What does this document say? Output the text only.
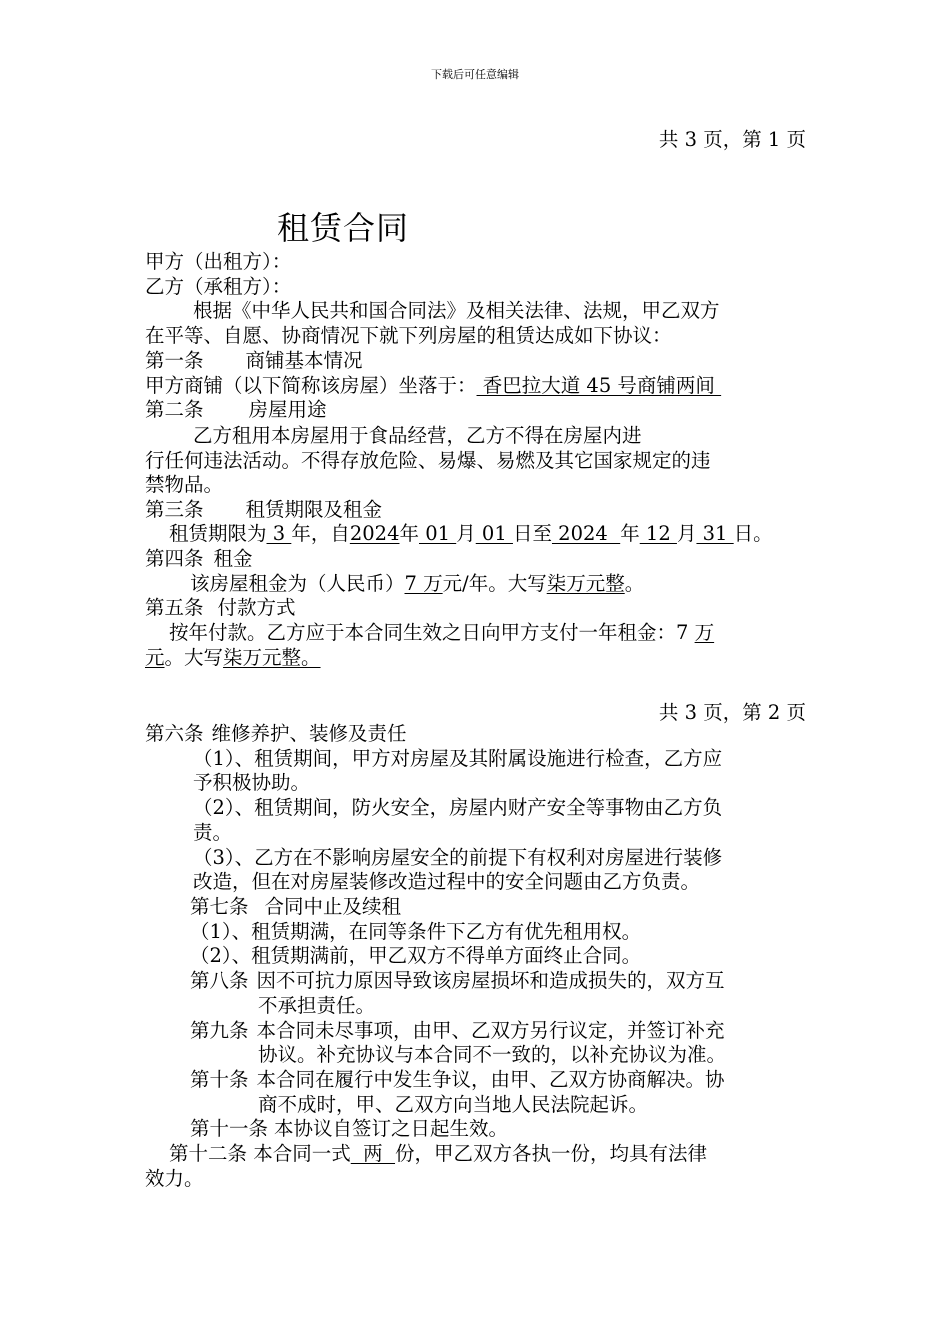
下载后可任意编辑
共 3 页，第 1 页
租赁合同
甲方（出租方）：
乙方（承租方）：
根据《中华人民共和国合同法》及相关法律、法规，甲乙双方
在平等、自愿、协商情况下就下列房屋的租赁达成如下协议：
第一条 商铺基本情况
甲方商铺（以下简称该房屋）坐落于： 香巴拉大道 45 号商铺两间
第二条 房屋用途
乙方租用本房屋用于食品经营，乙方不得在房屋内进
行任何违法活动。不得存放危险、易爆、易燃及其它国家规定的违
禁物品。
第三条 租赁期限及租金
租赁期限为 3 年，自2024年 01 月 01 日至 2024  年 12 月 31 日。
第四条 租金
该房屋租金为（人民币）7 万元/年。大写柒万元整。
第五条 付款方式
按年付款。乙方应于本合同生效之日向甲方支付一年租金：7 万
元。大写柒万元整。
共 3 页，第 2 页
第六条 维修养护、装修及责任
（1）、租赁期间，甲方对房屋及其附属设施进行检查，乙方应
予积极协助。
（2）、租赁期间，防火安全，房屋内财产安全等事物由乙方负
责。
（3）、乙方在不影响房屋安全的前提下有权利对房屋进行装修
改造，但在对房屋装修改造过程中的安全问题由乙方负责。
第七条 合同中止及续租
（1）、租赁期满，在同等条件下乙方有优先租用权。
（2）、租赁期满前，甲乙双方不得单方面终止合同。
第八条 因不可抗力原因导致该房屋损坏和造成损失的，双方互
不承担责任。
第九条 本合同未尽事项，由甲、乙双方另行议定，并签订补充
协议。补充协议与本合同不一致的，以补充协议为准。
第十条 本合同在履行中发生争议，由甲、乙双方协商解决。协
商不成时，甲、乙双方向当地人民法院起诉。
第十一条 本协议自签订之日起生效。
第十二条 本合同一式  两  份，甲乙双方各执一份，均具有法律
效力。
